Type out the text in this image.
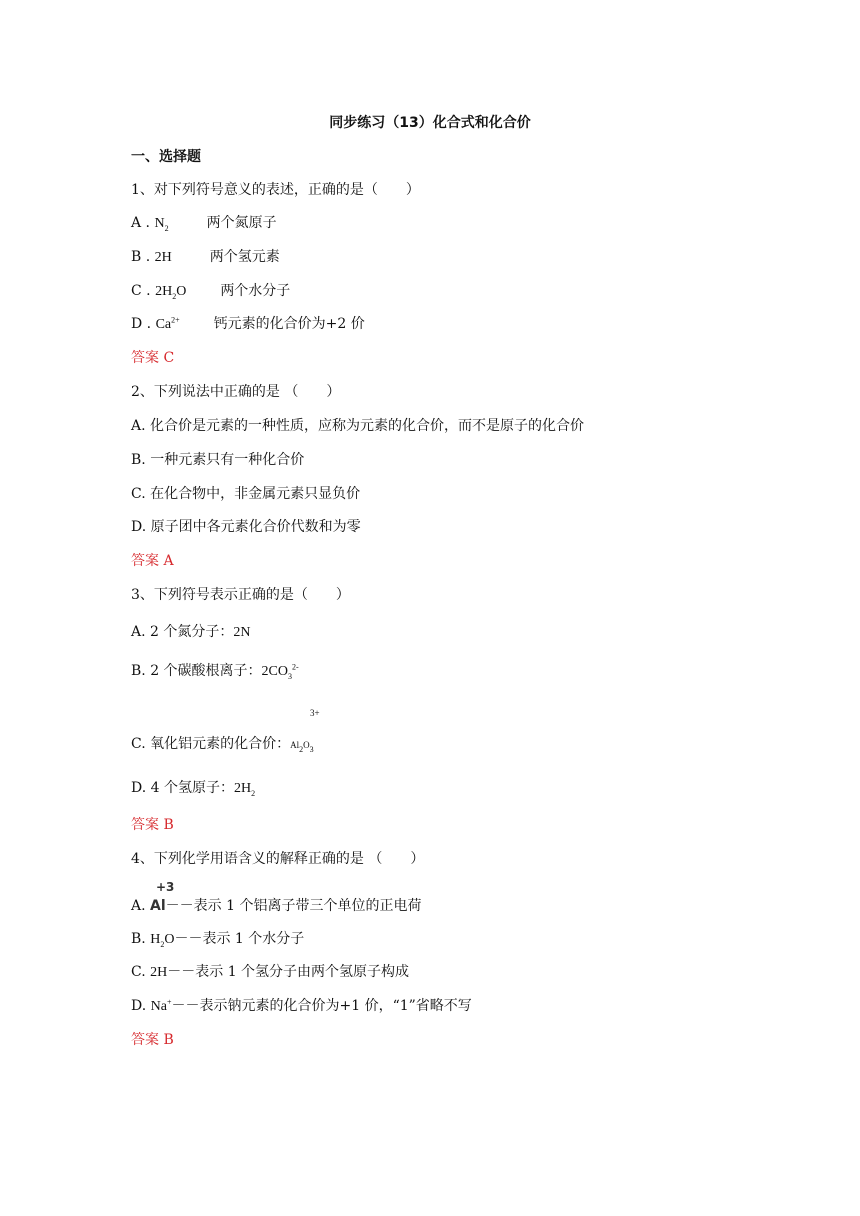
同步练习（13）化合式和化合价
一、选择题
1、对下列符号意义的表述，正确的是（　　）
A . $N_2$	两个氮原子
B . 2H	两个氢元素
C . $2H_2O$ 两个水分子
D . $Ca^{2+}$ 钙元素的化合价为+2 价
答案 C
2、下列说法中正确的是 （　　）
A. 化合价是元素的一种性质，应称为元素的化合价，而不是原子的化合价
B. 一种元素只有一种化合价
C. 在化合物中，非金属元素只显负价
D. 原子团中各元素化合价代数和为零
答案 A
3、下列符号表示正确的是（　　）
A. 2 个氮分子：2N
B. 2 个碳酸根离子：$2CO_3^{2-}$
3+
C. 氧化铝元素的化合价：$Al_2O_3$
D. 4 个氢原子：$2H_2$
答案 B
4、下列化学用语含义的解释正确的是 （　　）
+3
A. Al－－表示 1 个铝离子带三个单位的正电荷
B. $H_2O--$表示 1 个水分子
C. 2H－－表示 1 个氢分子由两个氢原子构成
D. Na+－－表示钠元素的化合价为+1 价，“1”省略不写
答案 B
